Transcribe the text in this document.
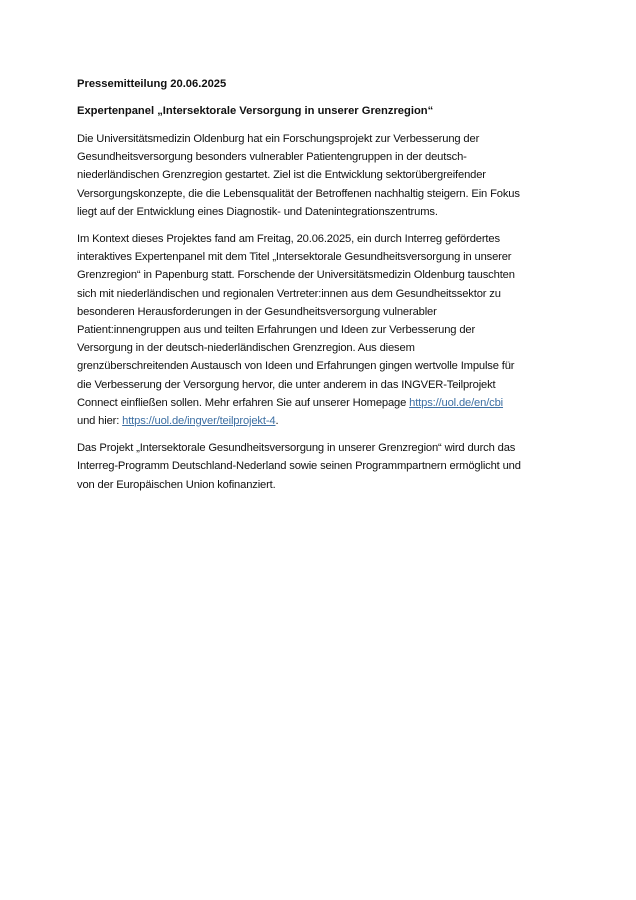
Pressemitteilung 20.06.2025
Expertenpanel „Intersektorale Versorgung in unserer Grenzregion“

Die Universitätsmedizin Oldenburg hat ein Forschungsprojekt zur Verbesserung der
Gesundheitsversorgung besonders vulnerabler Patientengruppen in der deutsch-
niederländischen Grenzregion gestartet. Ziel ist die Entwicklung sektorübergreifender
Versorgungskonzepte, die die Lebensqualität der Betroffenen nachhaltig steigern. Ein Fokus
liegt auf der Entwicklung eines Diagnostik- und Datenintegrationszentrums.

Im Kontext dieses Projektes fand am Freitag, 20.06.2025, ein durch Interreg gefördertes
interaktives Expertenpanel mit dem Titel „Intersektorale Gesundheitsversorgung in unserer
Grenzregion“ in Papenburg statt. Forschende der Universitätsmedizin Oldenburg tauschten
sich mit niederländischen und regionalen Vertreter:innen aus dem Gesundheitssektor zu
besonderen Herausforderungen in der Gesundheitsversorgung vulnerabler
Patient:innengruppen aus und teilten Erfahrungen und Ideen zur Verbesserung der
Versorgung in der deutsch-niederländischen Grenzregion. Aus diesem
grenzüberschreitenden Austausch von Ideen und Erfahrungen gingen wertvolle Impulse für
die Verbesserung der Versorgung hervor, die unter anderem in das INGVER-Teilprojekt
Connect einfließen sollen. Mehr erfahren Sie auf unserer Homepage https://uol.de/en/cbi
und hier: https://uol.de/ingver/teilprojekt-4.

Das Projekt „Intersektorale Gesundheitsversorgung in unserer Grenzregion“ wird durch das
Interreg-Programm Deutschland-Nederland sowie seinen Programmpartnern ermöglicht und
von der Europäischen Union kofinanziert.
